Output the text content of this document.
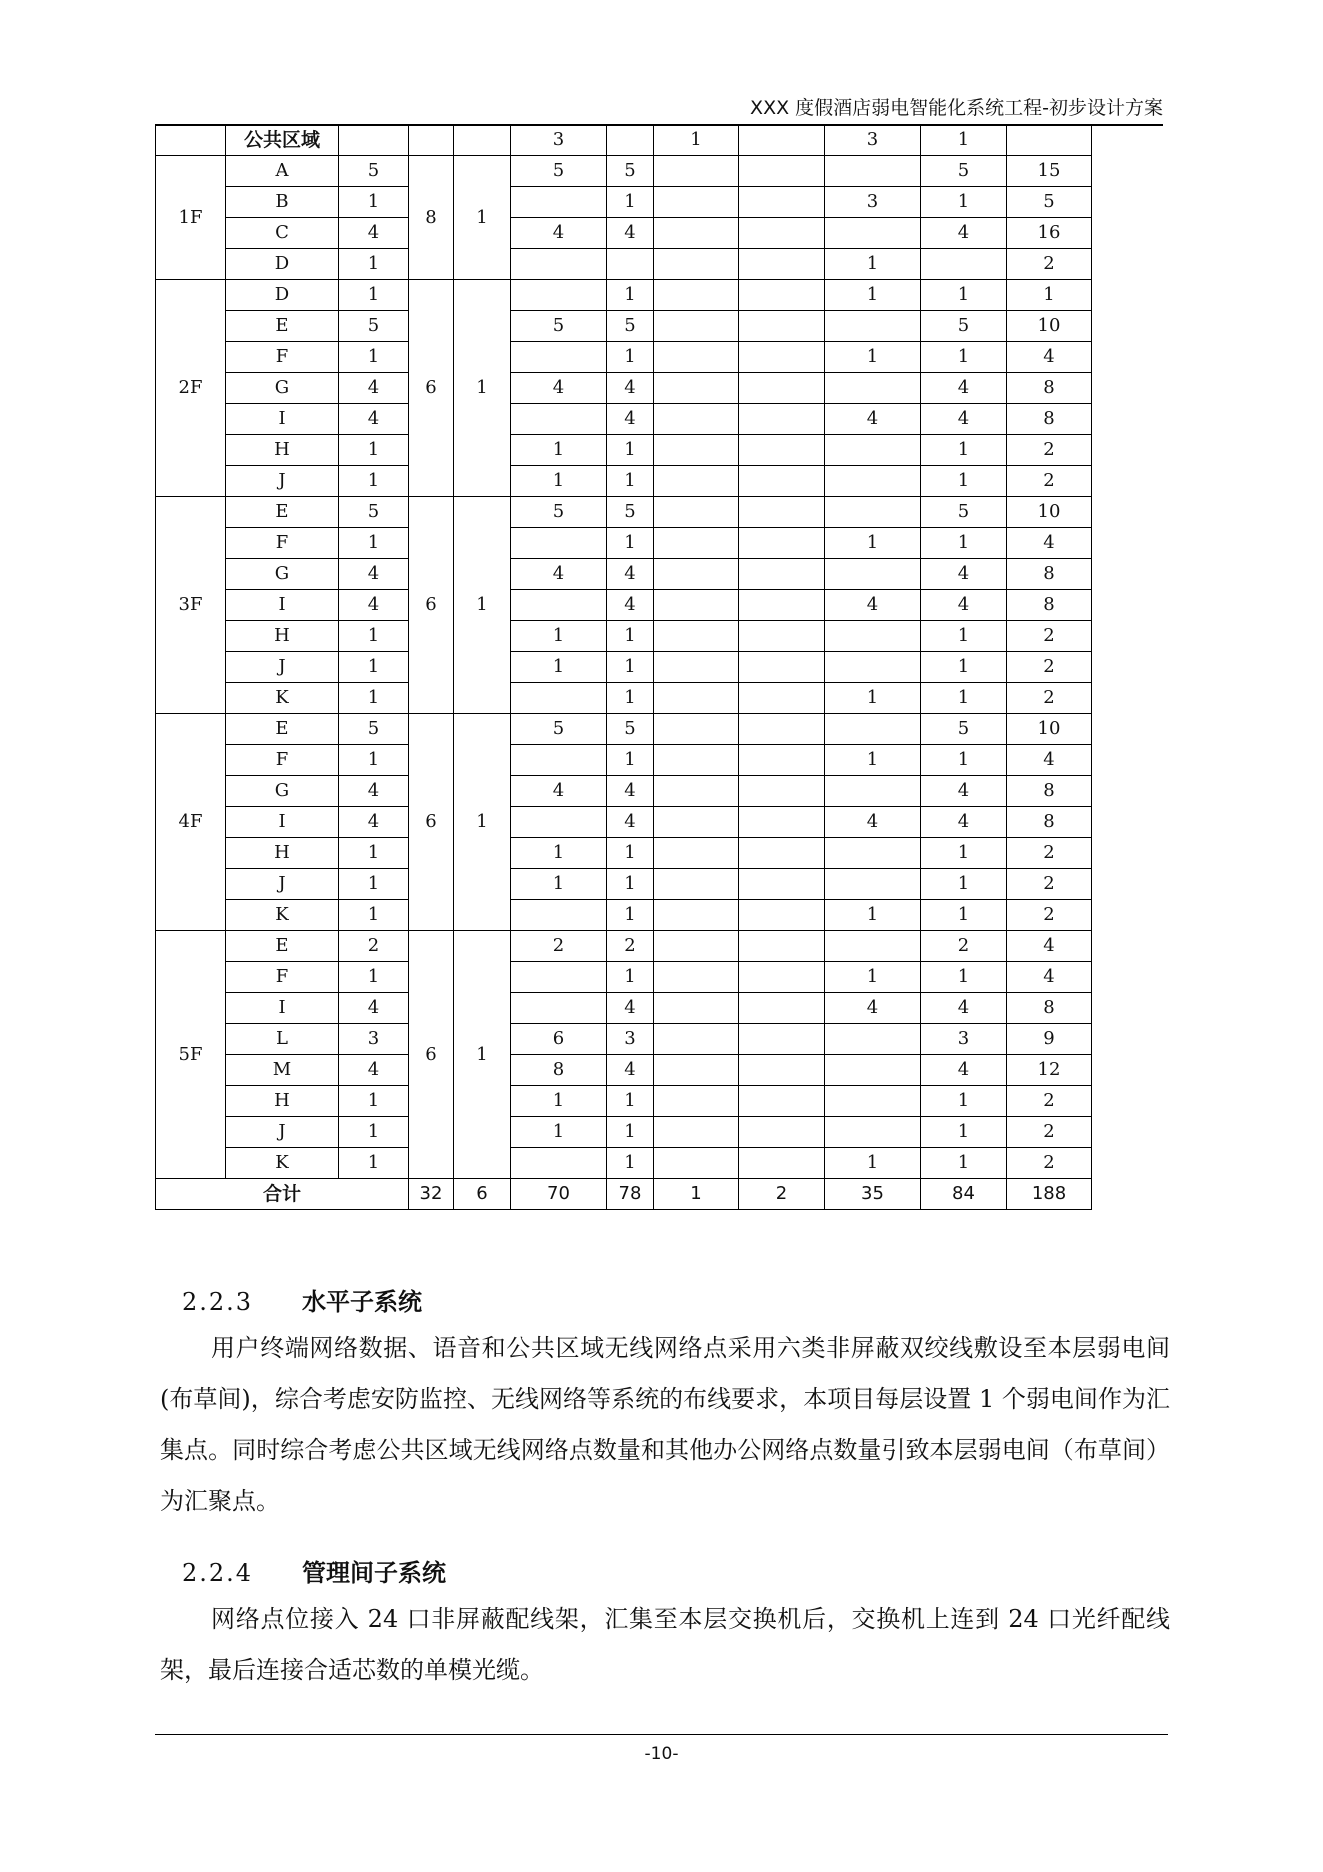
XXX 度假酒店弱电智能化系统工程-初步设计方案
	公共区域				3		1		3	1	
1F	A	5	8	1	5	5				5	15
	B	1				1			3	1	5
	C	4			4	4				4	16
	D	1							1		2
2F	D	1	6	1		1			1	1	1
	E	5			5	5				5	10
	F	1				1			1	1	4
	G	4			4	4				4	8
	I	4				4			4	4	8
	H	1			1	1				1	2
	J	1			1	1				1	2
3F	E	5	6	1	5	5				5	10
	F	1				1			1	1	4
	G	4			4	4				4	8
	I	4				4			4	4	8
	H	1			1	1				1	2
	J	1			1	1				1	2
	K	1				1			1	1	2
4F	E	5	6	1	5	5				5	10
	F	1				1			1	1	4
	G	4			4	4				4	8
	I	4				4			4	4	8
	H	1			1	1				1	2
	J	1			1	1				1	2
	K	1				1			1	1	2
5F	E	2	6	1	2	2				2	4
	F	1				1			1	1	4
	I	4				4			4	4	8
	L	3			6	3				3	9
	M	4			8	4				4	12
	H	1			1	1				1	2
	J	1			1	1				1	2
	K	1				1			1	1	2
合计			32	6	70	78	1	2	35	84	188
2.2.3 水平子系统
用户终端网络数据、语音和公共区域无线网络点采用六类非屏蔽双绞线敷设至本层弱电间(布草间)，综合考虑安防监控、无线网络等系统的布线要求，本项目每层设置 1 个弱电间作为汇集点。同时综合考虑公共区域无线网络点数量和其他办公网络点数量引致本层弱电间（布草间）为汇聚点。
2.2.4 管理间子系统
网络点位接入 24 口非屏蔽配线架，汇集至本层交换机后，交换机上连到 24 口光纤配线架，最后连接合适芯数的单模光缆。
-10-
